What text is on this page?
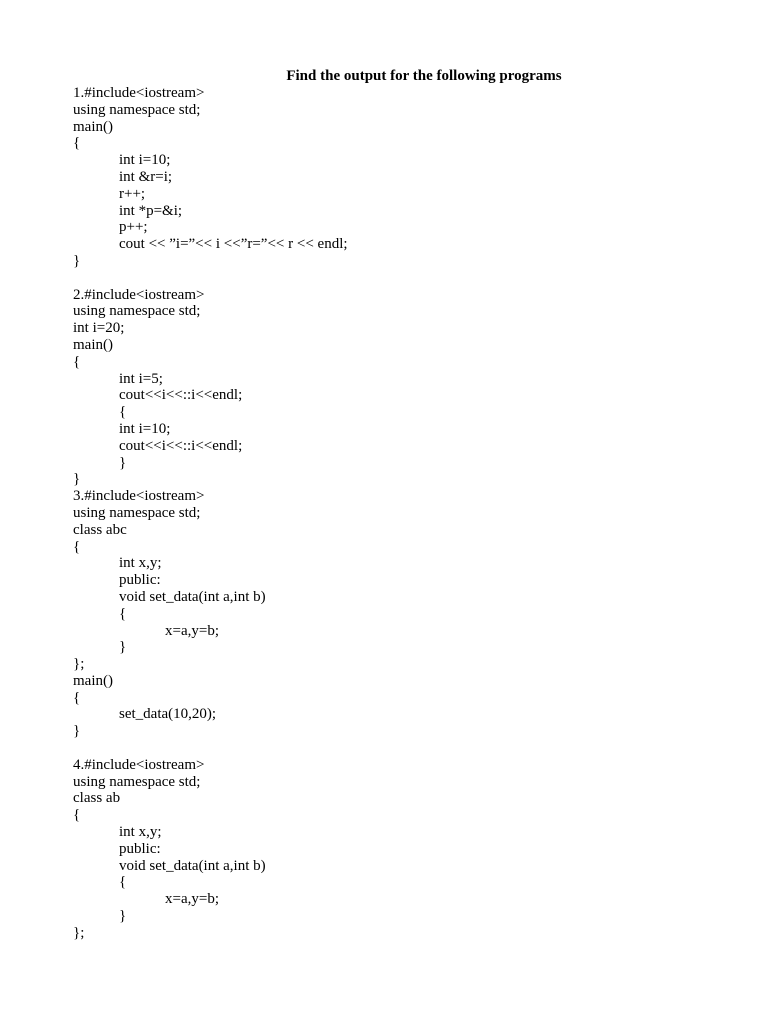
Find the output for the following programs
1.#include<iostream>
using namespace std;
main()
{
int i=10;
int &r=i;
r++;
int *p=&i;
p++;
cout << ”i=”<< i <<”r=”<< r << endl;
}
2.#include<iostream>
using namespace std;
int i=20;
main()
{
int i=5;
cout<<i<<::i<<endl;
{
int i=10;
cout<<i<<::i<<endl;
}
}
3.#include<iostream>
using namespace std;
class abc
{
int x,y;
public:
void set_data(int a,int b)
{
x=a,y=b;
}
};
main()
{
set_data(10,20);
}
4.#include<iostream>
using namespace std;
class ab
{
int x,y;
public:
void set_data(int a,int b)
{
x=a,y=b;
}
};
